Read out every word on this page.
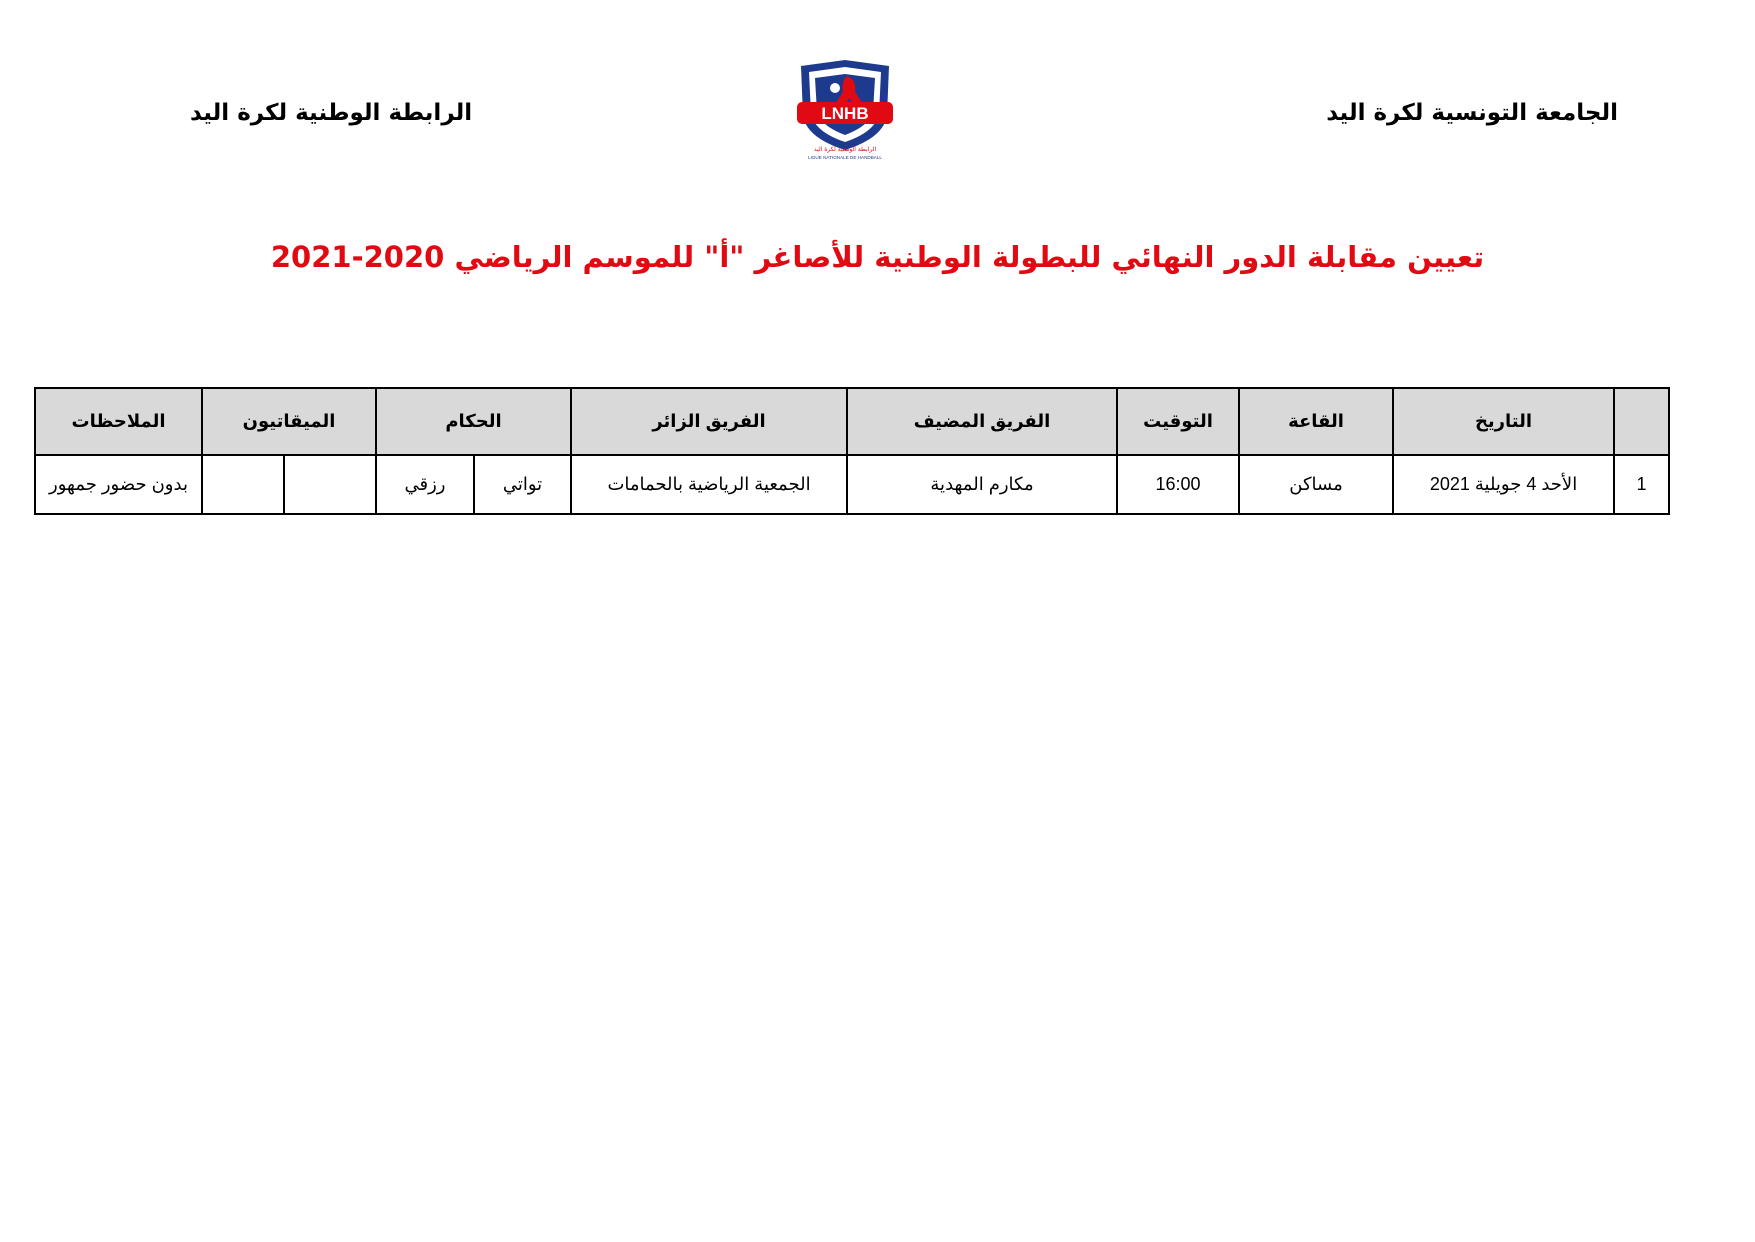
الجامعة التونسية لكرة اليد
الرابطة الوطنية لكرة اليد	LNHB
الرابطة الوطنية لكرة اليد
LIGUE NATIONALE DE HANDBALL
تعيين مقابلة الدور النهائي للبطولة الوطنية للأصاغر "أ" للموسم الرياضي 2020-2021
	التاريخ	القاعة	التوقيت	الفريق المضيف	الفريق الزائر	الحكام		الميقاتيون		الملاحظات
1	الأحد 4 جويلية 2021	مساكن	16:00	مكارم المهدية	الجمعية الرياضية بالحمامات	تواتي	رزقي			بدون حضور جمهور
